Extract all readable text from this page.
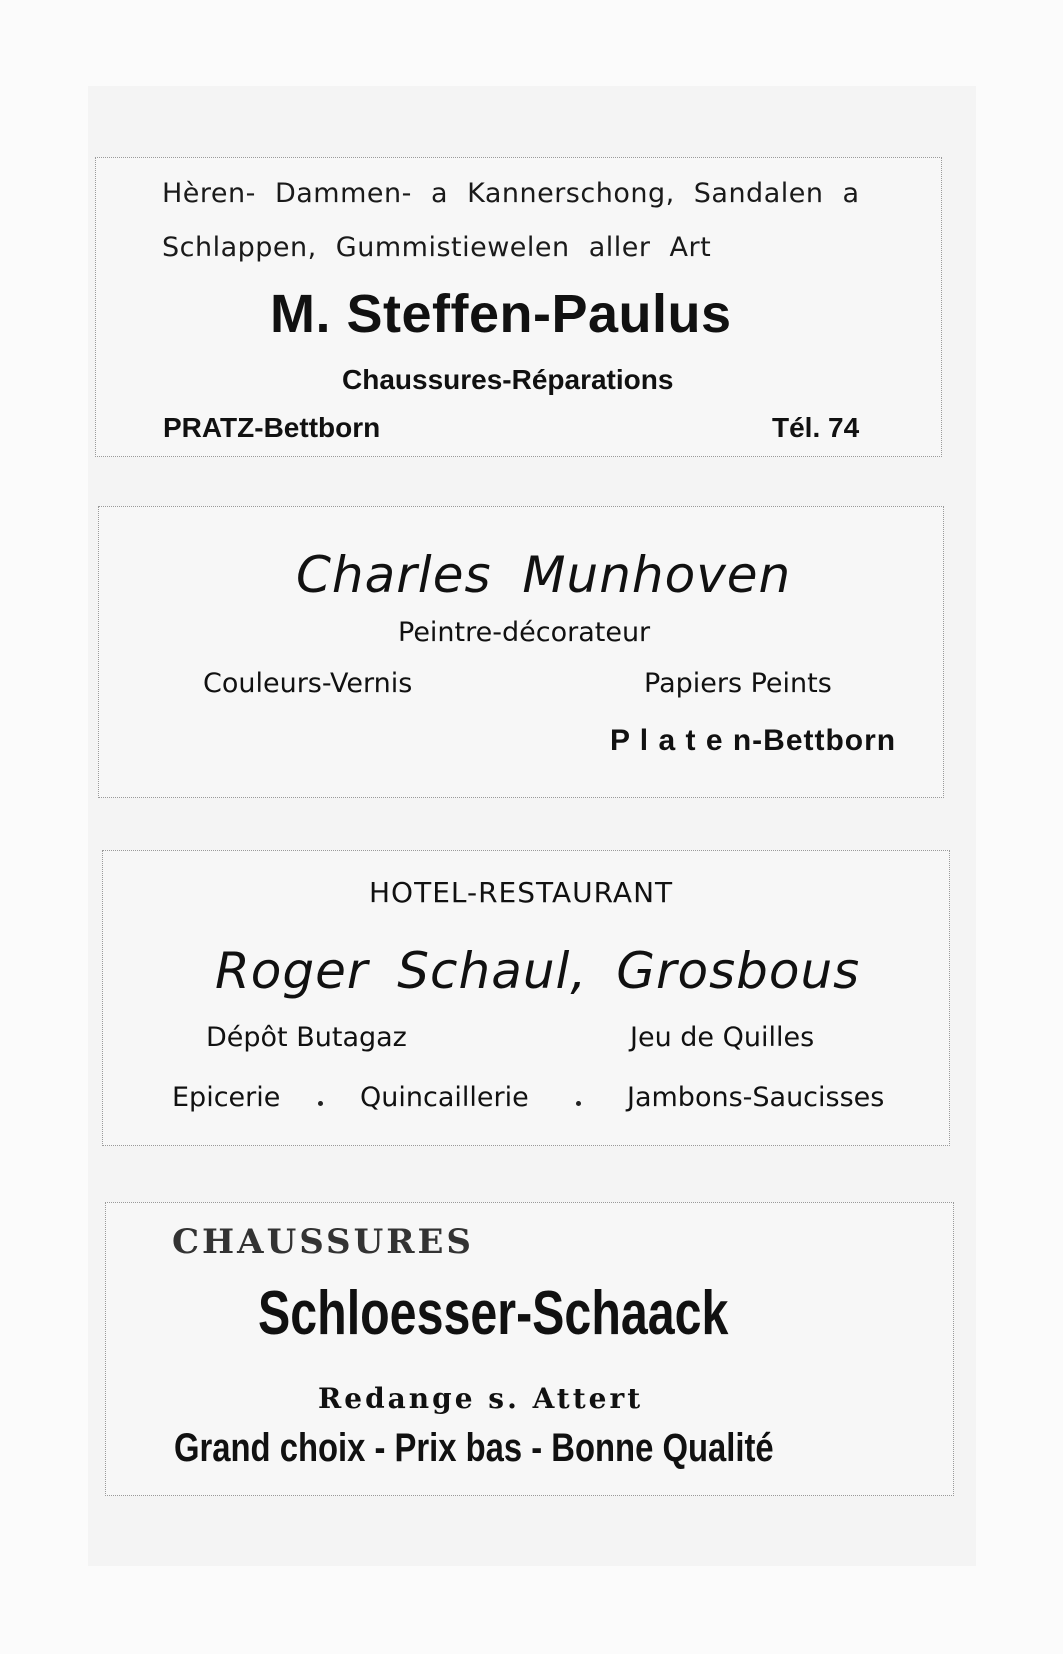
Hèren- Dammen- a Kannerschong, Sandalen a
Schlappen, Gummistiewelen aller Art
M. Steffen-Paulus
Chaussures-Réparations
PRATZ-Bettborn	Tél. 74
Charles Munhoven
Peintre-décorateur
Couleurs-Vernis	Papiers Peints
P l a t e n-Bettborn
HOTEL-RESTAURANT
Roger Schaul, Grosbous
Dépôt Butagaz	Jeu de Quilles
Epicerie	Quincaillerie	Jambons-Saucisses
CHAUSSURES
Schloesser-Schaack
Redange s. Attert
Grand choix - Prix bas - Bonne Qualité
